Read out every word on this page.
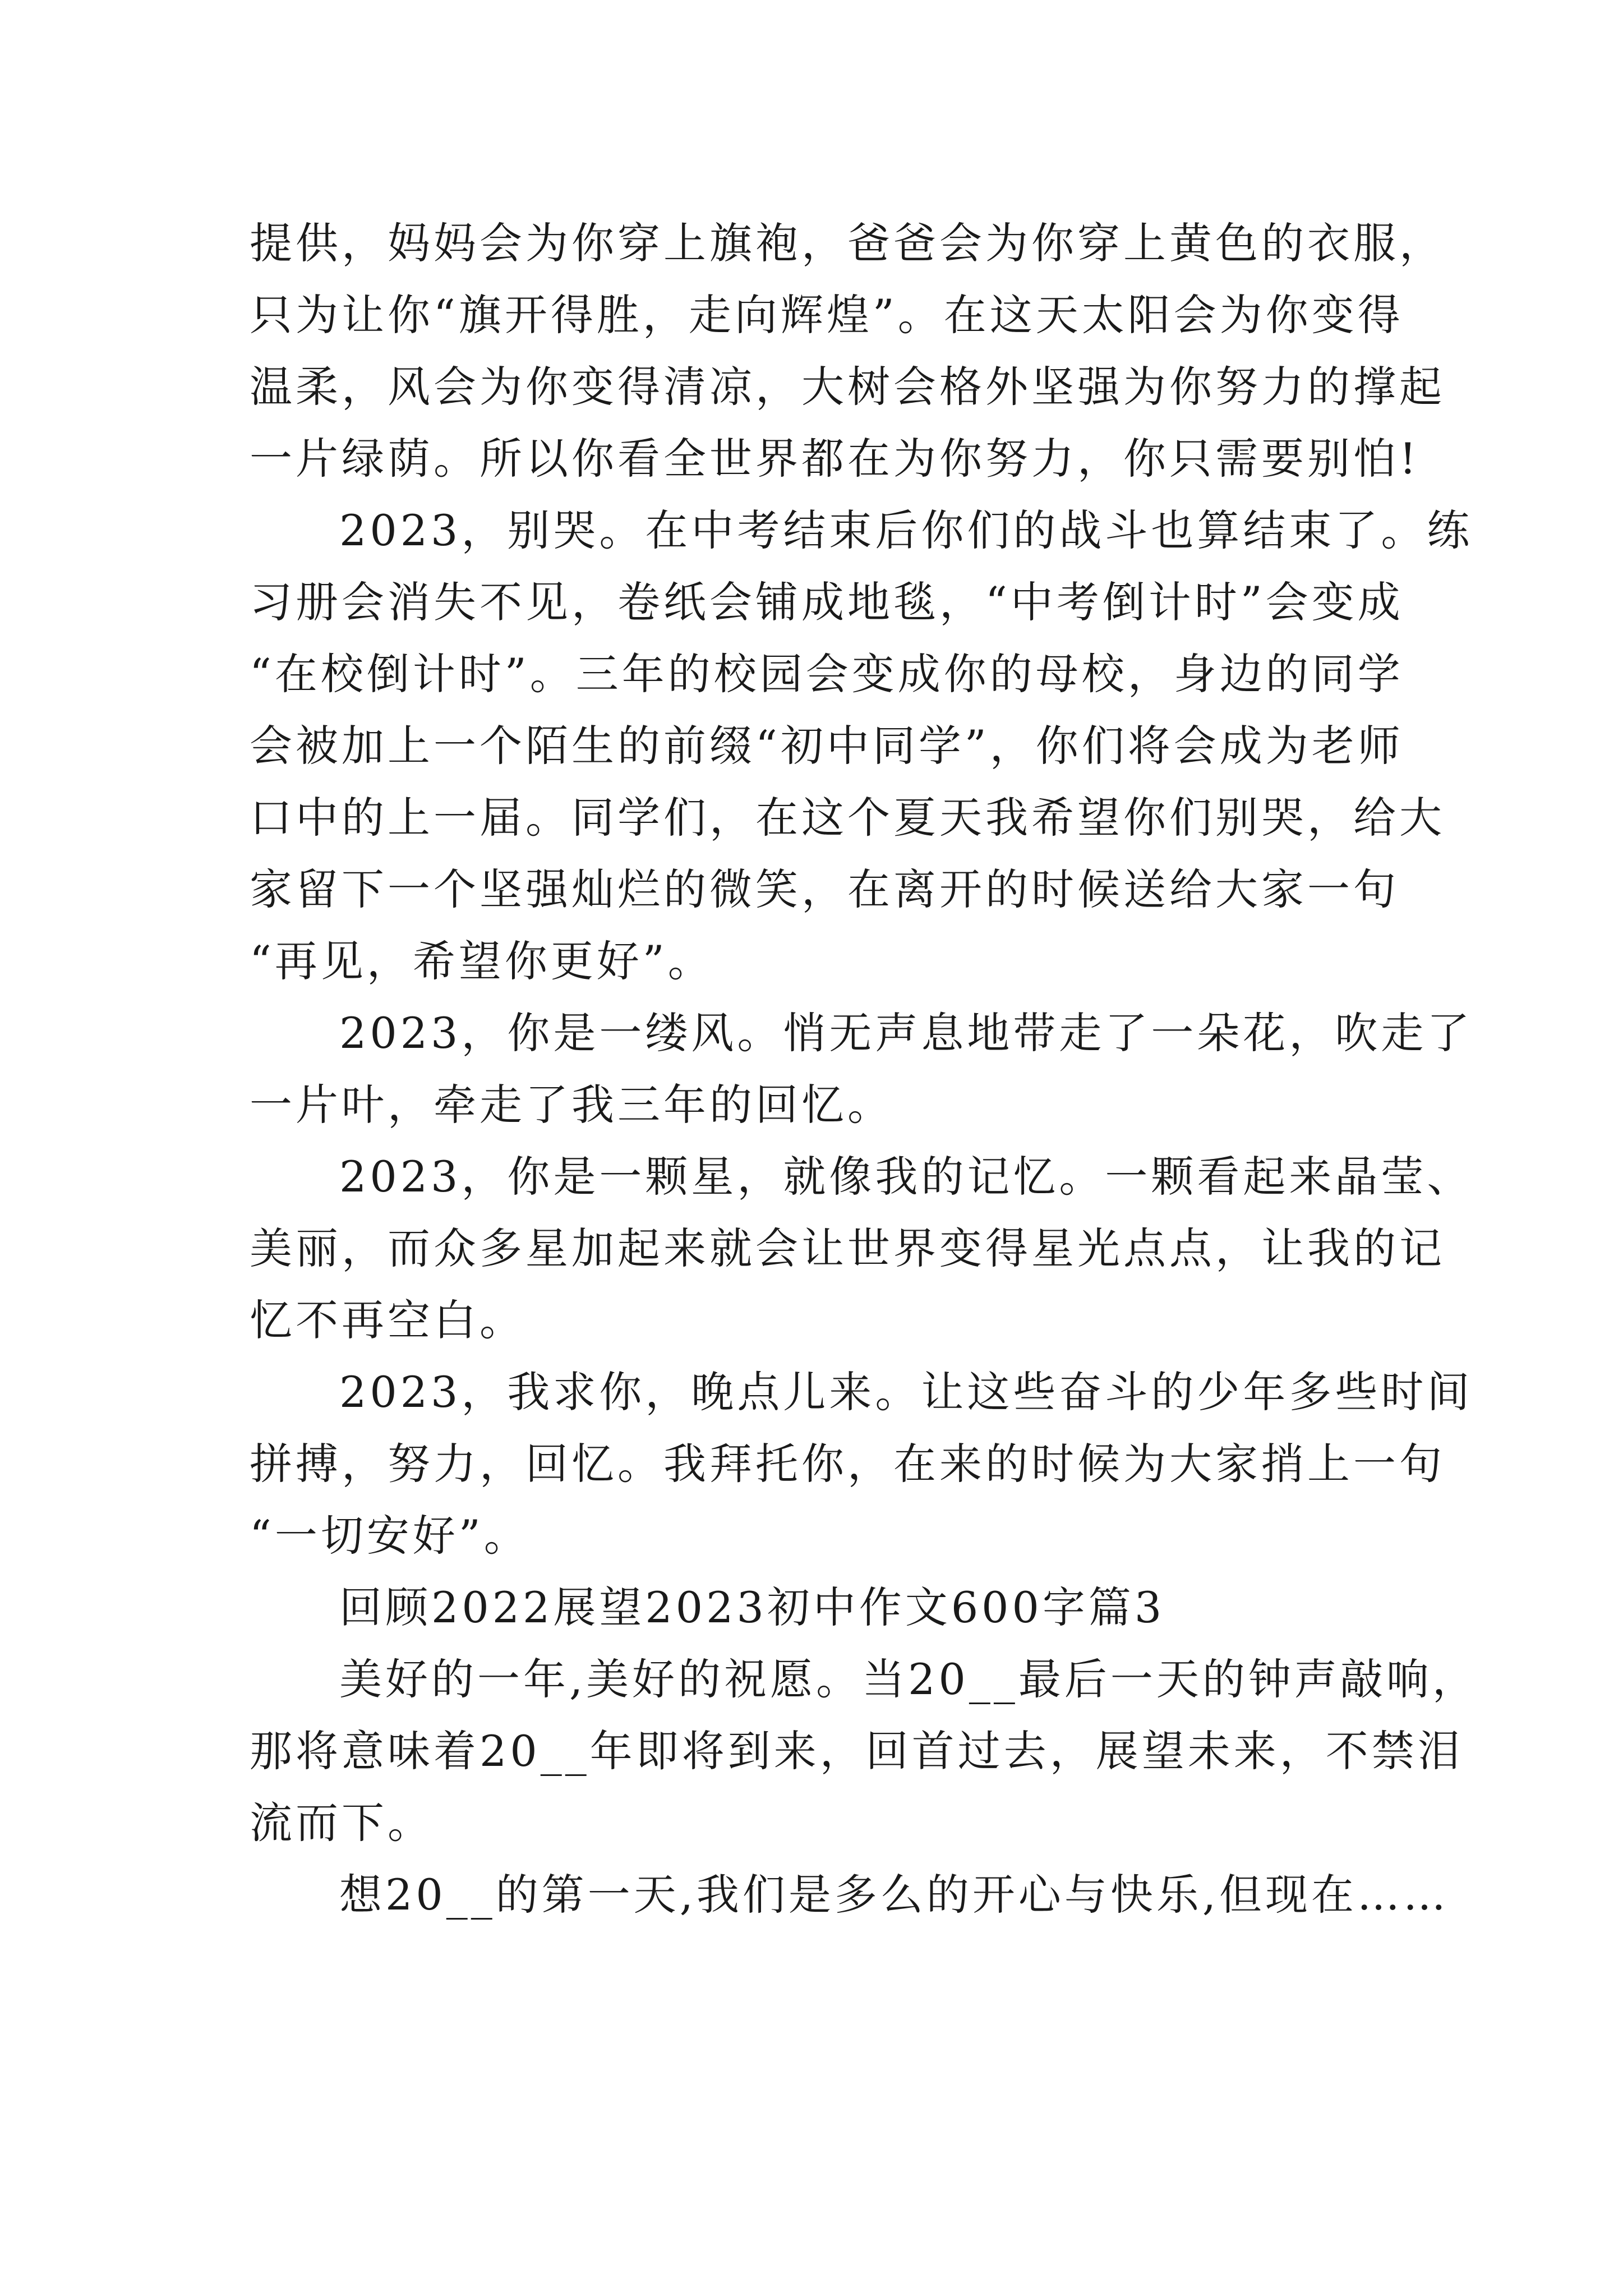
提供，妈妈会为你穿上旗袍，爸爸会为你穿上黄色的衣服，
只为让你“旗开得胜，走向辉煌”。在这天太阳会为你变得
温柔，风会为你变得清凉，大树会格外坚强为你努力的撑起
一片绿荫。所以你看全世界都在为你努力，你只需要别怕!
2023，别哭。在中考结束后你们的战斗也算结束了。练
习册会消失不见，卷纸会铺成地毯，“中考倒计时”会变成
“在校倒计时”。三年的校园会变成你的母校，身边的同学
会被加上一个陌生的前缀“初中同学”，你们将会成为老师
口中的上一届。同学们，在这个夏天我希望你们别哭，给大
家留下一个坚强灿烂的微笑，在离开的时候送给大家一句
“再见，希望你更好”。
2023，你是一缕风。悄无声息地带走了一朵花，吹走了
一片叶，牵走了我三年的回忆。
2023，你是一颗星，就像我的记忆。一颗看起来晶莹、
美丽，而众多星加起来就会让世界变得星光点点，让我的记
忆不再空白。
2023，我求你，晚点儿来。让这些奋斗的少年多些时间
拼搏，努力，回忆。我拜托你，在来的时候为大家捎上一句
“一切安好”。
回顾2022展望2023初中作文600字篇3
美好的一年,美好的祝愿。当20__最后一天的钟声敲响，
那将意味着20__年即将到来，回首过去，展望未来，不禁泪
流而下。
想20__的第一天,我们是多么的开心与快乐,但现在……
